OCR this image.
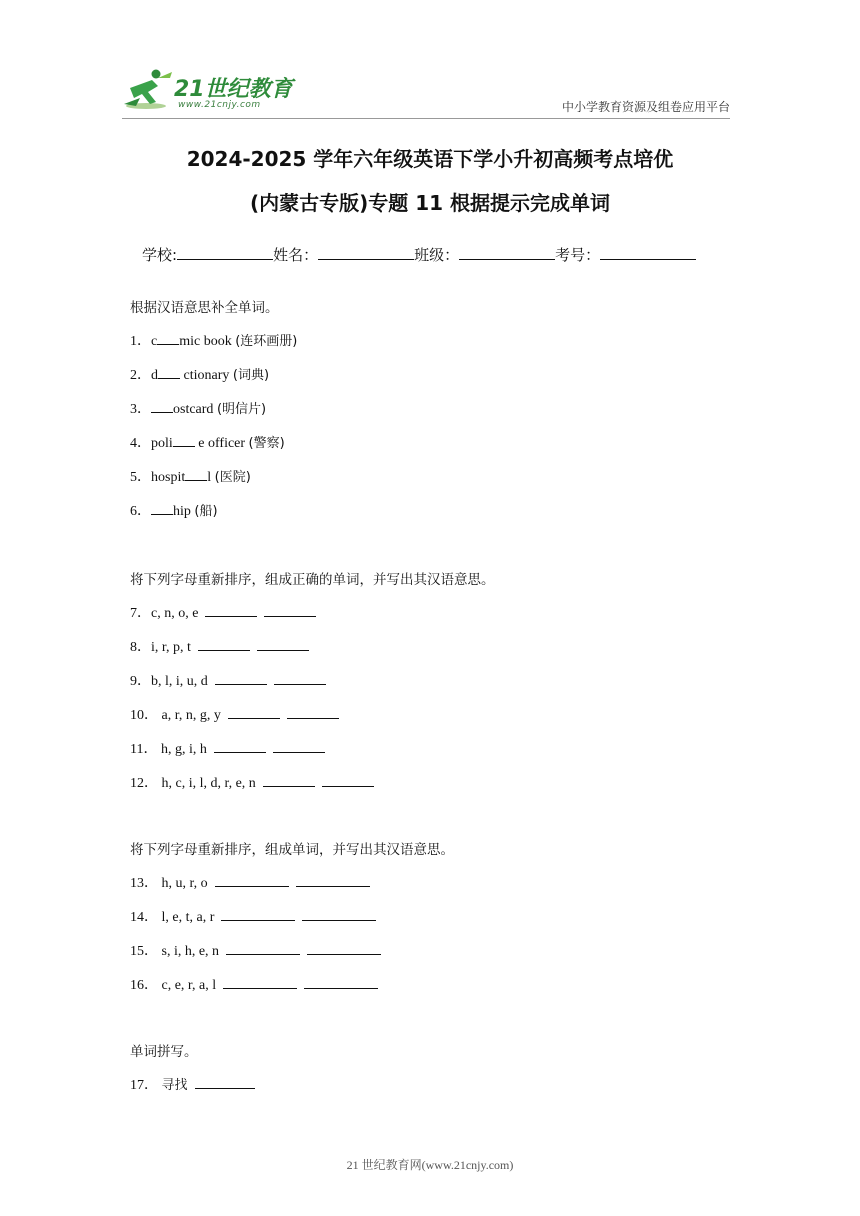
21世纪教育
www.21cnjy.com	中小学教育资源及组卷应用平台
2024-2025 学年六年级英语下学小升初高频考点培优
(内蒙古专版)专题 11 根据提示完成单词
学校:	姓名：	班级：	考号：
根据汉语意思补全单词。
1．c mic book (连环画册)
2．d ctionary (词典)
3． ostcard (明信片)
4．poli e officer (警察)
5．hospit l (医院)
6． hip (船)
将下列字母重新排序，组成正确的单词，并写出其汉语意思。
7．c, n, o, e
8．i, r, p, t
9．b, l, i, u, d
10． a, r, n, g, y
11． h, g, i, h
12． h, c, i, l, d, r, e, n
将下列字母重新排序，组成单词，并写出其汉语意思。
13． h, u, r, o
14． l, e, t, a, r
15． s, i, h, e, n
16． c, e, r, a, l
单词拼写。
17． 寻找
21 世纪教育网(www.21cnjy.com)
